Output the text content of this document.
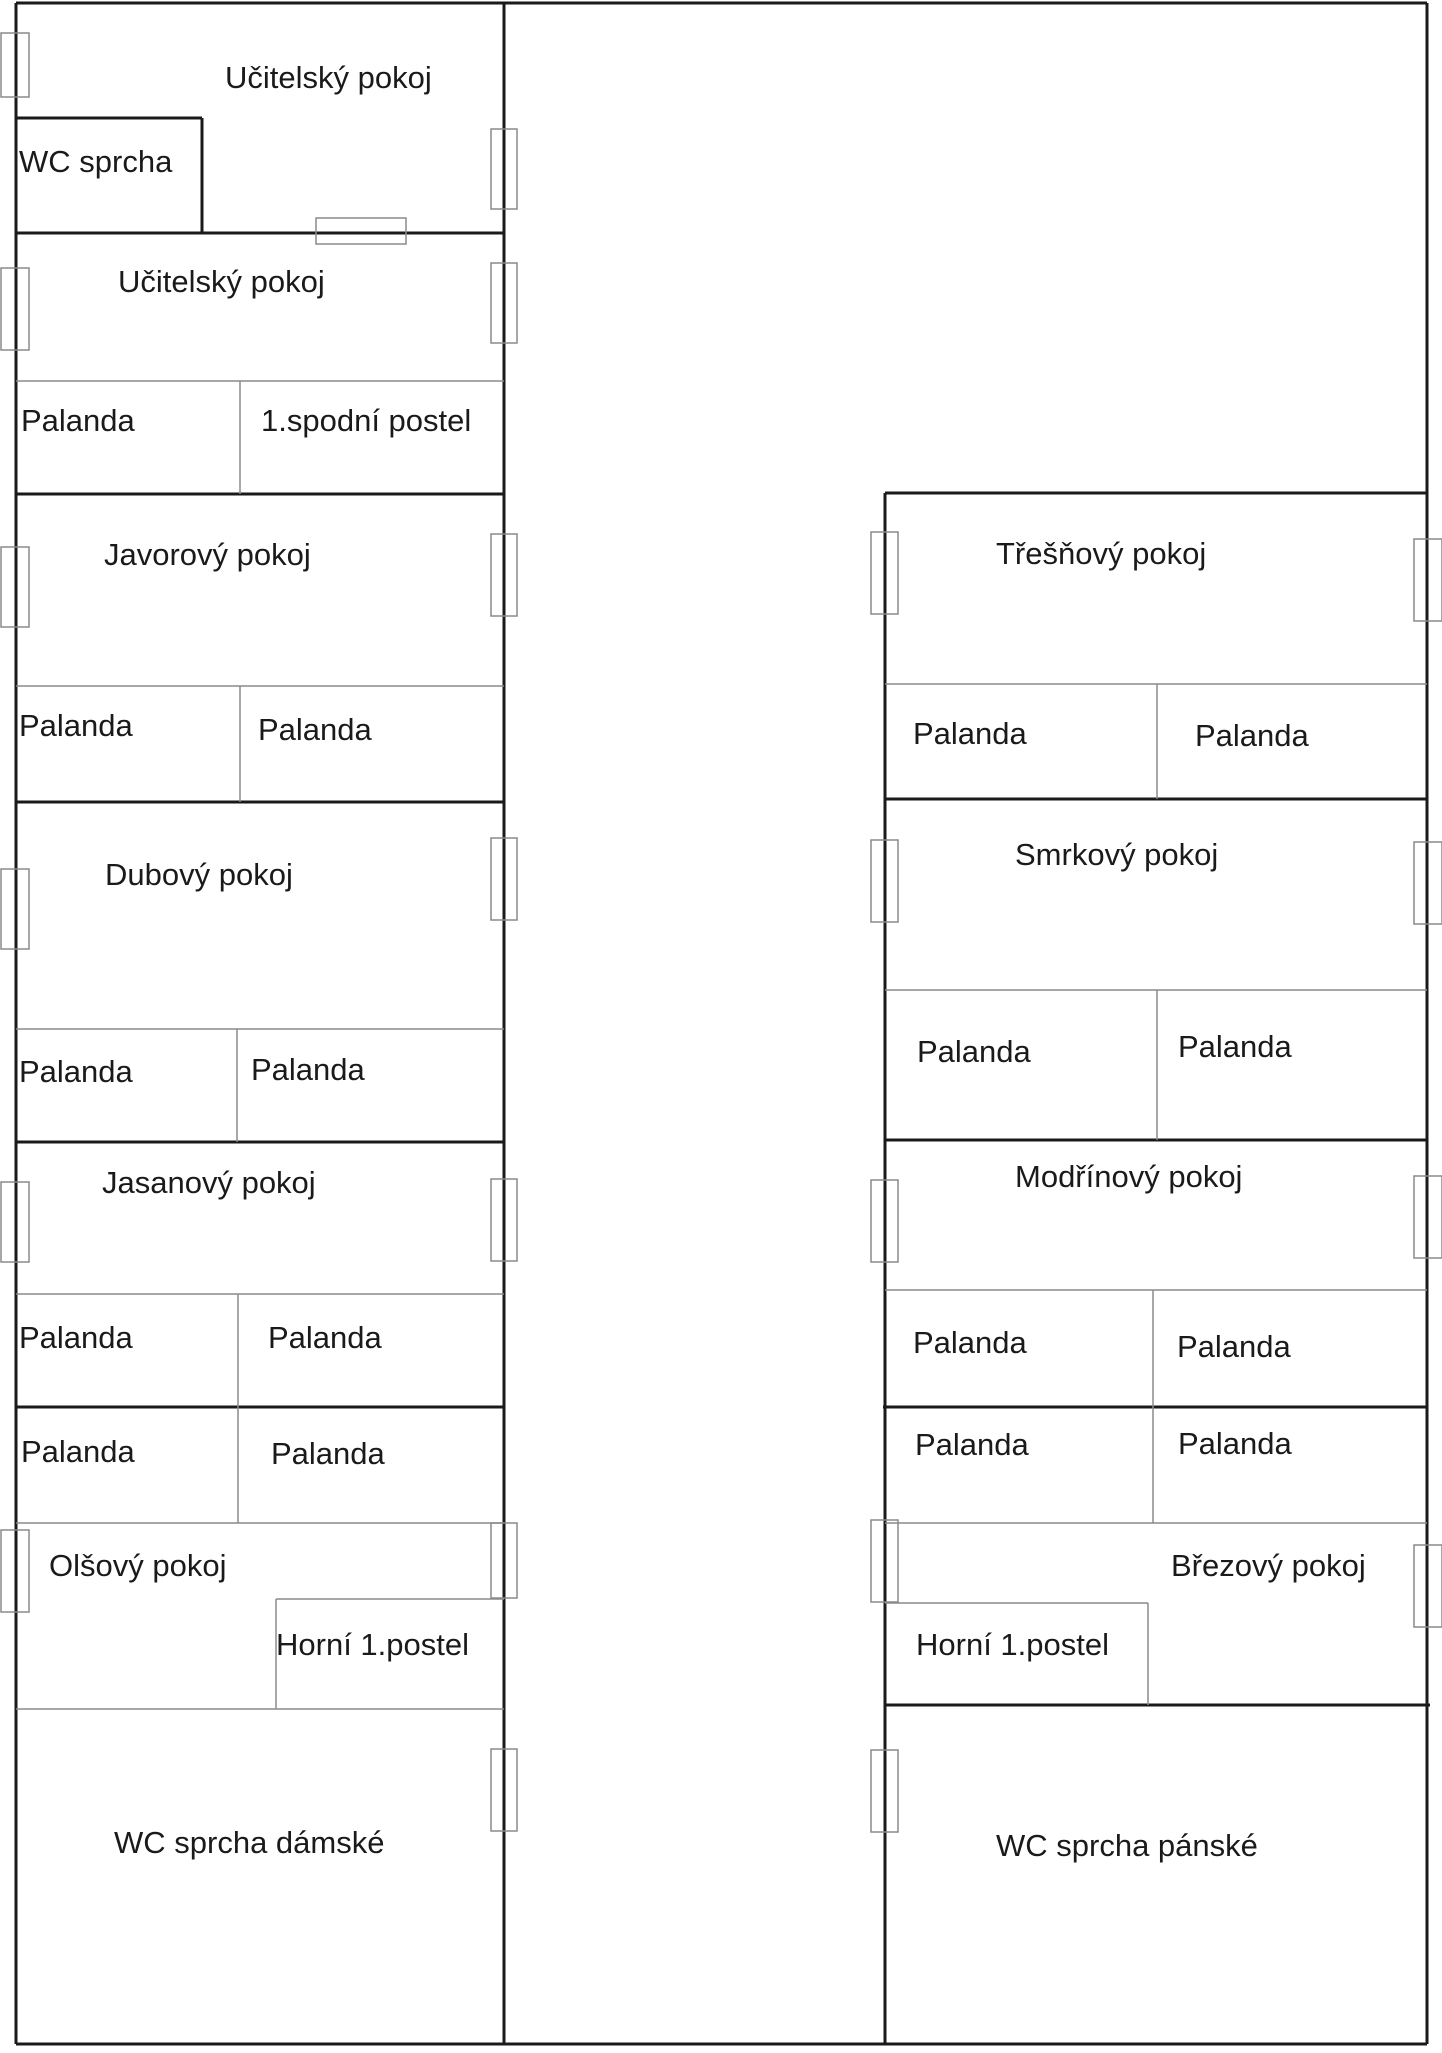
Učitelský pokoj
WC sprcha
Učitelský pokoj
Palanda	1.spodní postel
Javorový pokoj
Palanda	Palanda
Dubový pokoj
Palanda	Palanda
Jasanový pokoj
Palanda	Palanda
Palanda	Palanda
Olšový pokoj
Horní 1.postel
WC sprcha dámské
Třešňový pokoj
Palanda	Palanda
Smrkový pokoj
Palanda	Palanda
Modřínový pokoj
Palanda	Palanda
Palanda	Palanda
Březový pokoj
Horní 1.postel
WC sprcha pánské
